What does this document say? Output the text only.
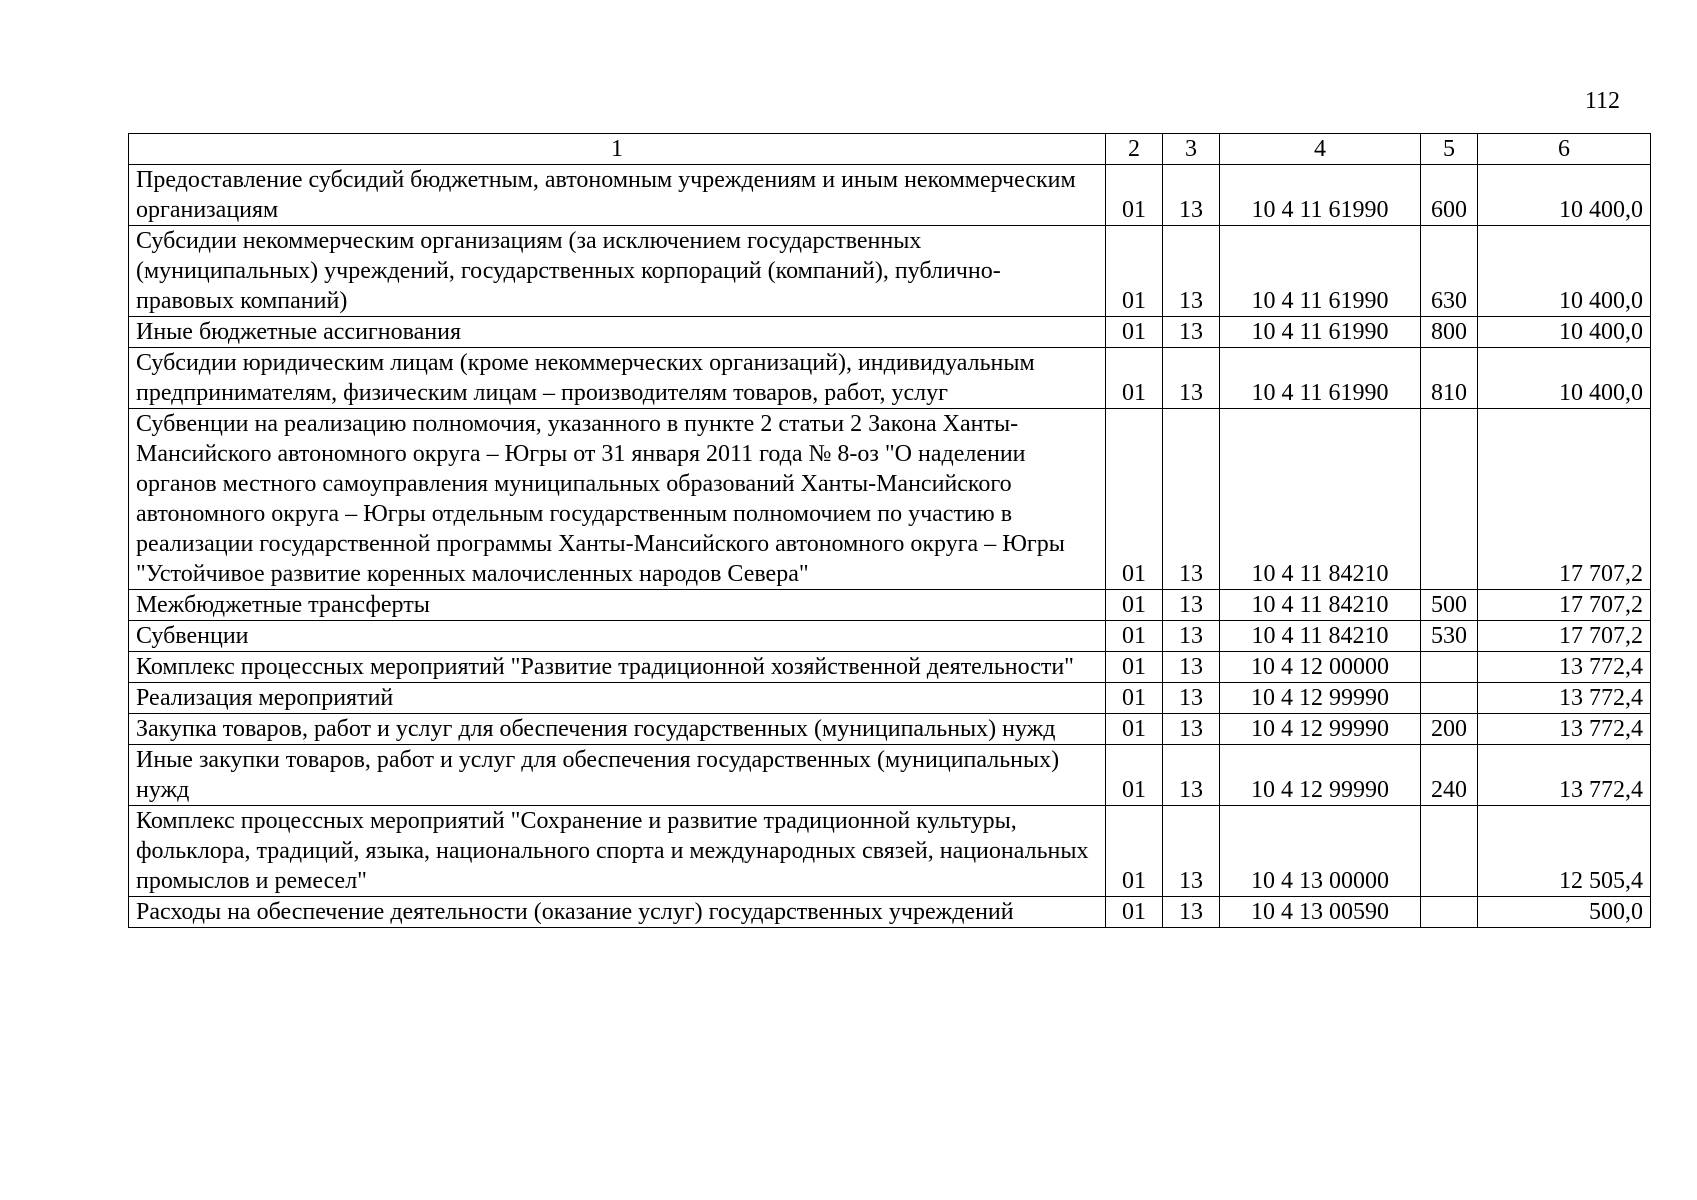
112
1	2	3	4	5	6
Предоставление субсидий бюджетным, автономным учреждениям и иным некоммерческим организациям	01	13	10 4 11 61990	600	10 400,0
Субсидии некоммерческим организациям (за исключением государственных (муниципальных) учреждений, государственных корпораций (компаний), публично-правовых компаний)	01	13	10 4 11 61990	630	10 400,0
Иные бюджетные ассигнования	01	13	10 4 11 61990	800	10 400,0
Субсидии юридическим лицам (кроме некоммерческих организаций), индивидуальным предпринимателям, физическим лицам – производителям товаров, работ, услуг	01	13	10 4 11 61990	810	10 400,0
Субвенции на реализацию полномочия, указанного в пункте 2 статьи 2 Закона Ханты-Мансийского автономного округа – Югры от 31 января 2011 года № 8-оз "О наделении органов местного самоуправления муниципальных образований Ханты-Мансийского автономного округа – Югры отдельным государственным полномочием по участию в реализации государственной программы Ханты-Мансийского автономного округа – Югры "Устойчивое развитие коренных малочисленных народов Севера"	01	13	10 4 11 84210		17 707,2
Межбюджетные трансферты	01	13	10 4 11 84210	500	17 707,2
Субвенции	01	13	10 4 11 84210	530	17 707,2
Комплекс процессных мероприятий "Развитие традиционной хозяйственной деятельности"	01	13	10 4 12 00000		13 772,4
Реализация мероприятий	01	13	10 4 12 99990		13 772,4
Закупка товаров, работ и услуг для обеспечения государственных (муниципальных) нужд	01	13	10 4 12 99990	200	13 772,4
Иные закупки товаров, работ и услуг для обеспечения государственных (муниципальных) нужд	01	13	10 4 12 99990	240	13 772,4
Комплекс процессных мероприятий "Сохранение и развитие традиционной культуры, фольклора, традиций, языка, национального спорта и международных связей, национальных промыслов и ремесел"	01	13	10 4 13 00000		12 505,4
Расходы на обеспечение деятельности (оказание услуг) государственных учреждений	01	13	10 4 13 00590		500,0
